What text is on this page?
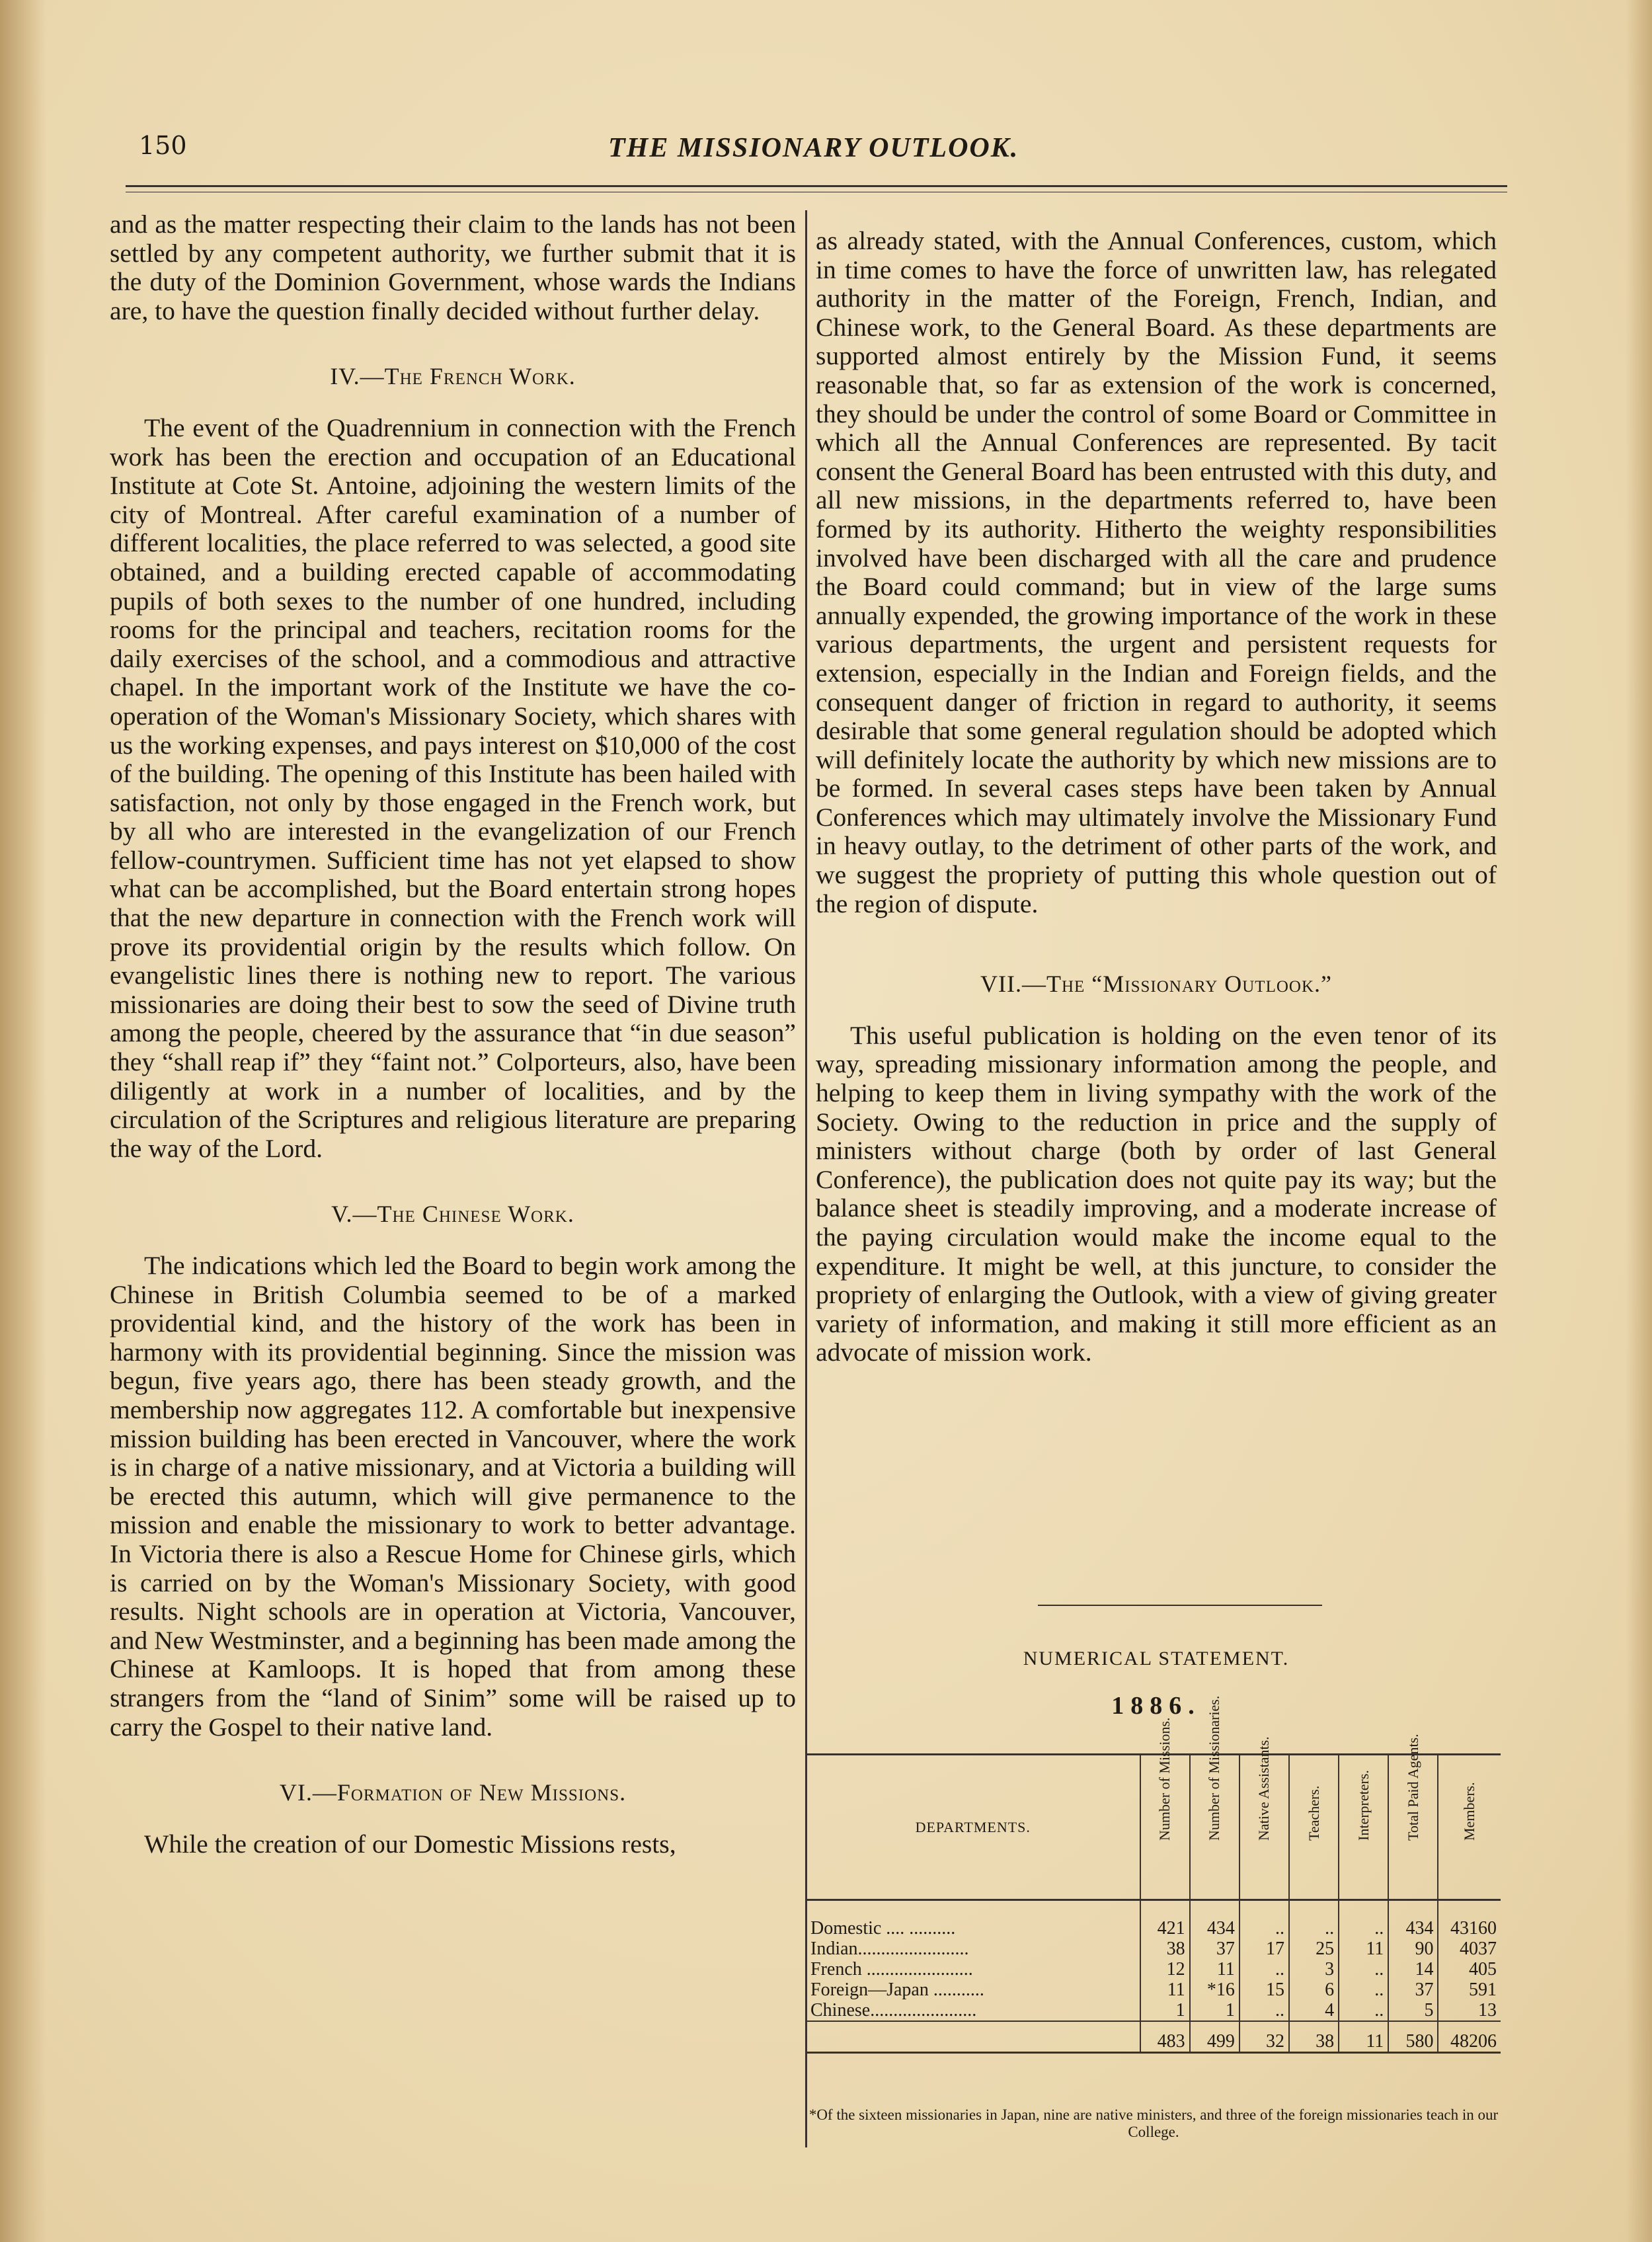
150	THE MISSIONARY OUTLOOK.

and as the matter respecting their claim to the lands has not been settled by any competent authority, we further submit that it is the duty of the Dominion Government, whose wards the Indians are, to have the question finally decided without further delay.

IV.—The French Work.

The event of the Quadrennium in connection with the French work has been the erection and occupation of an Educational Institute at Cote St. Antoine, adjoining the western limits of the city of Montreal. After careful examination of a number of different localities, the place referred to was selected, a good site obtained, and a building erected capable of accommodating pupils of both sexes to the number of one hundred, including rooms for the principal and teachers, recitation rooms for the daily exercises of the school, and a commodious and attractive chapel. In the important work of the Institute we have the co-operation of the Woman's Missionary Society, which shares with us the working expenses, and pays interest on $10,000 of the cost of the building. The opening of this Institute has been hailed with satisfaction, not only by those engaged in the French work, but by all who are interested in the evangelization of our French fellow-countrymen. Sufficient time has not yet elapsed to show what can be accomplished, but the Board entertain strong hopes that the new departure in connection with the French work will prove its providential origin by the results which follow. On evangelistic lines there is nothing new to report. The various missionaries are doing their best to sow the seed of Divine truth among the people, cheered by the assurance that “in due season” they “shall reap if” they “faint not.” Colporteurs, also, have been diligently at work in a number of localities, and by the circulation of the Scriptures and religious literature are preparing the way of the Lord.

V.—The Chinese Work.

The indications which led the Board to begin work among the Chinese in British Columbia seemed to be of a marked providential kind, and the history of the work has been in harmony with its providential beginning. Since the mission was begun, five years ago, there has been steady growth, and the membership now aggregates 112. A comfortable but inexpensive mission building has been erected in Vancouver, where the work is in charge of a native missionary, and at Victoria a building will be erected this autumn, which will give permanence to the mission and enable the missionary to work to better advantage. In Victoria there is also a Rescue Home for Chinese girls, which is carried on by the Woman's Missionary Society, with good results. Night schools are in operation at Victoria, Vancouver, and New Westminster, and a beginning has been made among the Chinese at Kamloops. It is hoped that from among these strangers from the “land of Sinim” some will be raised up to carry the Gospel to their native land.

VI.—Formation of New Missions.

While the creation of our Domestic Missions rests,

as already stated, with the Annual Conferences, custom, which in time comes to have the force of unwritten law, has relegated authority in the matter of the Foreign, French, Indian, and Chinese work, to the General Board. As these departments are supported almost entirely by the Mission Fund, it seems reasonable that, so far as extension of the work is concerned, they should be under the control of some Board or Committee in which all the Annual Conferences are represented. By tacit consent the General Board has been entrusted with this duty, and all new missions, in the departments referred to, have been formed by its authority. Hitherto the weighty responsibilities involved have been discharged with all the care and prudence the Board could command; but in view of the large sums annually expended, the growing importance of the work in these various departments, the urgent and persistent requests for extension, especially in the Indian and Foreign fields, and the consequent danger of friction in regard to authority, it seems desirable that some general regulation should be adopted which will definitely locate the authority by which new missions are to be formed. In several cases steps have been taken by Annual Conferences which may ultimately involve the Missionary Fund in heavy outlay, to the detriment of other parts of the work, and we suggest the propriety of putting this whole question out of the region of dispute.

VII.—The “Missionary Outlook.”

This useful publication is holding on the even tenor of its way, spreading missionary information among the people, and helping to keep them in living sympathy with the work of the Society. Owing to the reduction in price and the supply of ministers without charge (both by order of last General Conference), the publication does not quite pay its way; but the balance sheet is steadily improving, and a moderate increase of the paying circulation would make the income equal to the expenditure. It might be well, at this juncture, to consider the propriety of enlarging the Outlook, with a view of giving greater variety of information, and making it still more efficient as an advocate of mission work.

NUMERICAL STATEMENT.
1886.
DEPARTMENTS.	Number of Missions.	Number of Missionaries.	Native Assistants.	Teachers.	Interpreters.	Total Paid Agents.	Members.
Domestic .... ..........	421	434	..	..	..	434	43160
Indian........................	38	37	17	25	11	90	4037
French .......................	12	11	..	3	..	14	405
Foreign—Japan ...........	11	*16	15	6	..	37	591
Chinese.......................	1	1	..	4	..	5	13
	483	499	32	38	11	580	48206
*Of the sixteen missionaries in Japan, nine are native ministers, and three of the foreign missionaries teach in our College.
